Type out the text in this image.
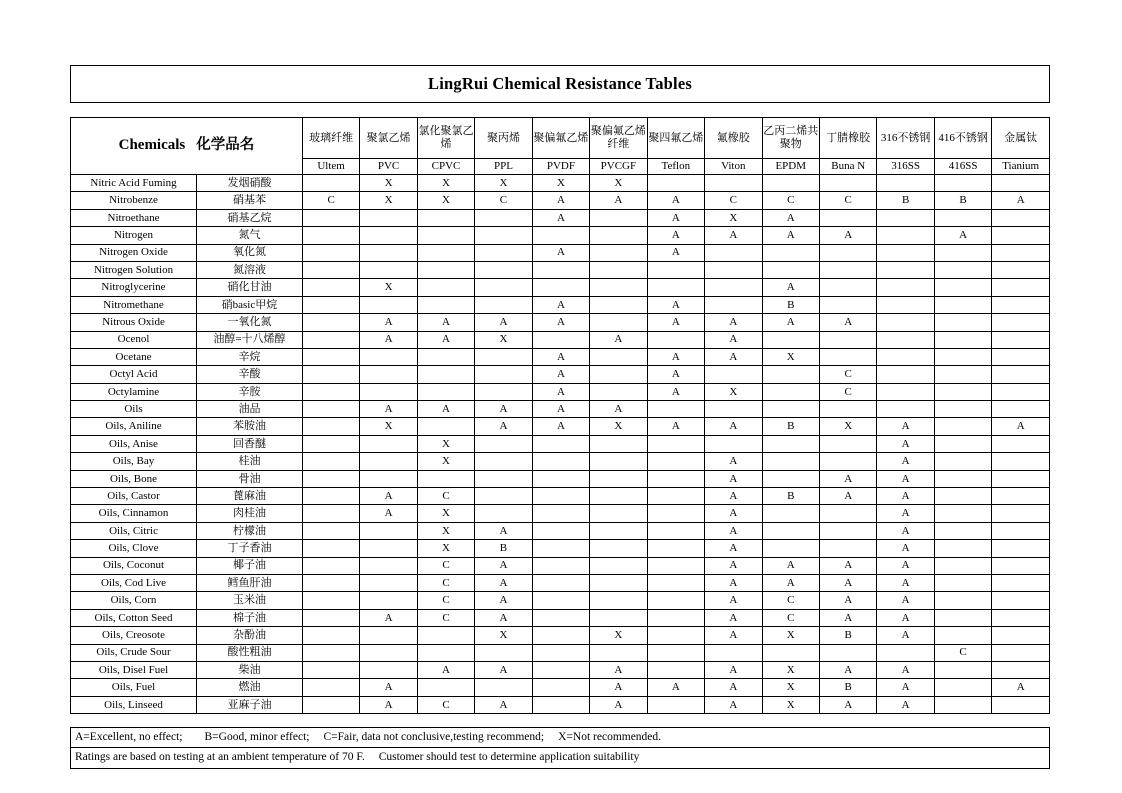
LingRui Chemical Resistance Tables
Chemicals 化学品名		玻璃纤维	聚氯乙烯	氯化聚氯乙烯	聚丙烯	聚偏氟乙烯	聚偏氟乙烯纤维	聚四氟乙烯	氟橡胶	乙丙二烯共聚物	丁腈橡胶	316不锈钢	416不锈钢	金属钛
		Ultem	PVC	CPVC	PPL	PVDF	PVCGF	Teflon	Viton	EPDM	Buna N	316SS	416SS	Tianium
Nitric Acid Fuming	发烟硝酸		X	X	X	X	X							
Nitrobenze	硝基苯	C	X	X	C	A	A	A	C	C	C	B	B	A
Nitroethane	硝基乙烷					A		A	X	A				
Nitrogen	氮气							A	A	A	A		A	
Nitrogen Oxide	氧化氮					A		A						
Nitrogen Solution	氮溶液													
Nitroglycerine	硝化甘油		X							A				
Nitromethane	硝basic甲烷					A		A		B				
Nitrous Oxide	一氧化氮		A	A	A	A		A	A	A	A			
Ocenol	油醇=十八烯醇		A	A	X		A		A					
Ocetane	辛烷					A		A	A	X				
Octyl Acid	辛酸					A		A			C			
Octylamine	辛胺					A		A	X		C			
Oils	油品		A	A	A	A	A							
Oils, Aniline	苯胺油		X		A	A	X	A	A	B	X	A		A
Oils, Anise	回香醚			X								A		
Oils, Bay	桂油			X					A			A		
Oils, Bone	骨油								A		A	A		
Oils, Castor	蓖麻油		A	C					A	B	A	A		
Oils, Cinnamon	肉桂油		A	X					A			A		
Oils, Citric	柠檬油			X	A				A			A		
Oils, Clove	丁子香油			X	B				A			A		
Oils, Coconut	椰子油			C	A				A	A	A	A		
Oils, Cod Live	鳕鱼肝油			C	A				A	A	A	A		
Oils, Corn	玉米油			C	A				A	C	A	A		
Oils, Cotton Seed	棉子油		A	C	A				A	C	A	A		
Oils, Creosote	杂酚油				X		X		A	X	B	A		
Oils, Crude Sour	酸性粗油												C	
Oils, Disel Fuel	柴油			A	A		A		A	X	A	A		
Oils, Fuel	燃油		A				A	A	A	X	B	A		A
Oils, Linseed	亚麻子油		A	C	A		A		A	X	A	A		
A=Excellent, no effect; B=Good, minor effect; C=Fair, data not conclusive,testing recommend; X=Not recommended.
Ratings are based on testing at an ambient temperature of 70 F. Customer should test to determine application suitability
